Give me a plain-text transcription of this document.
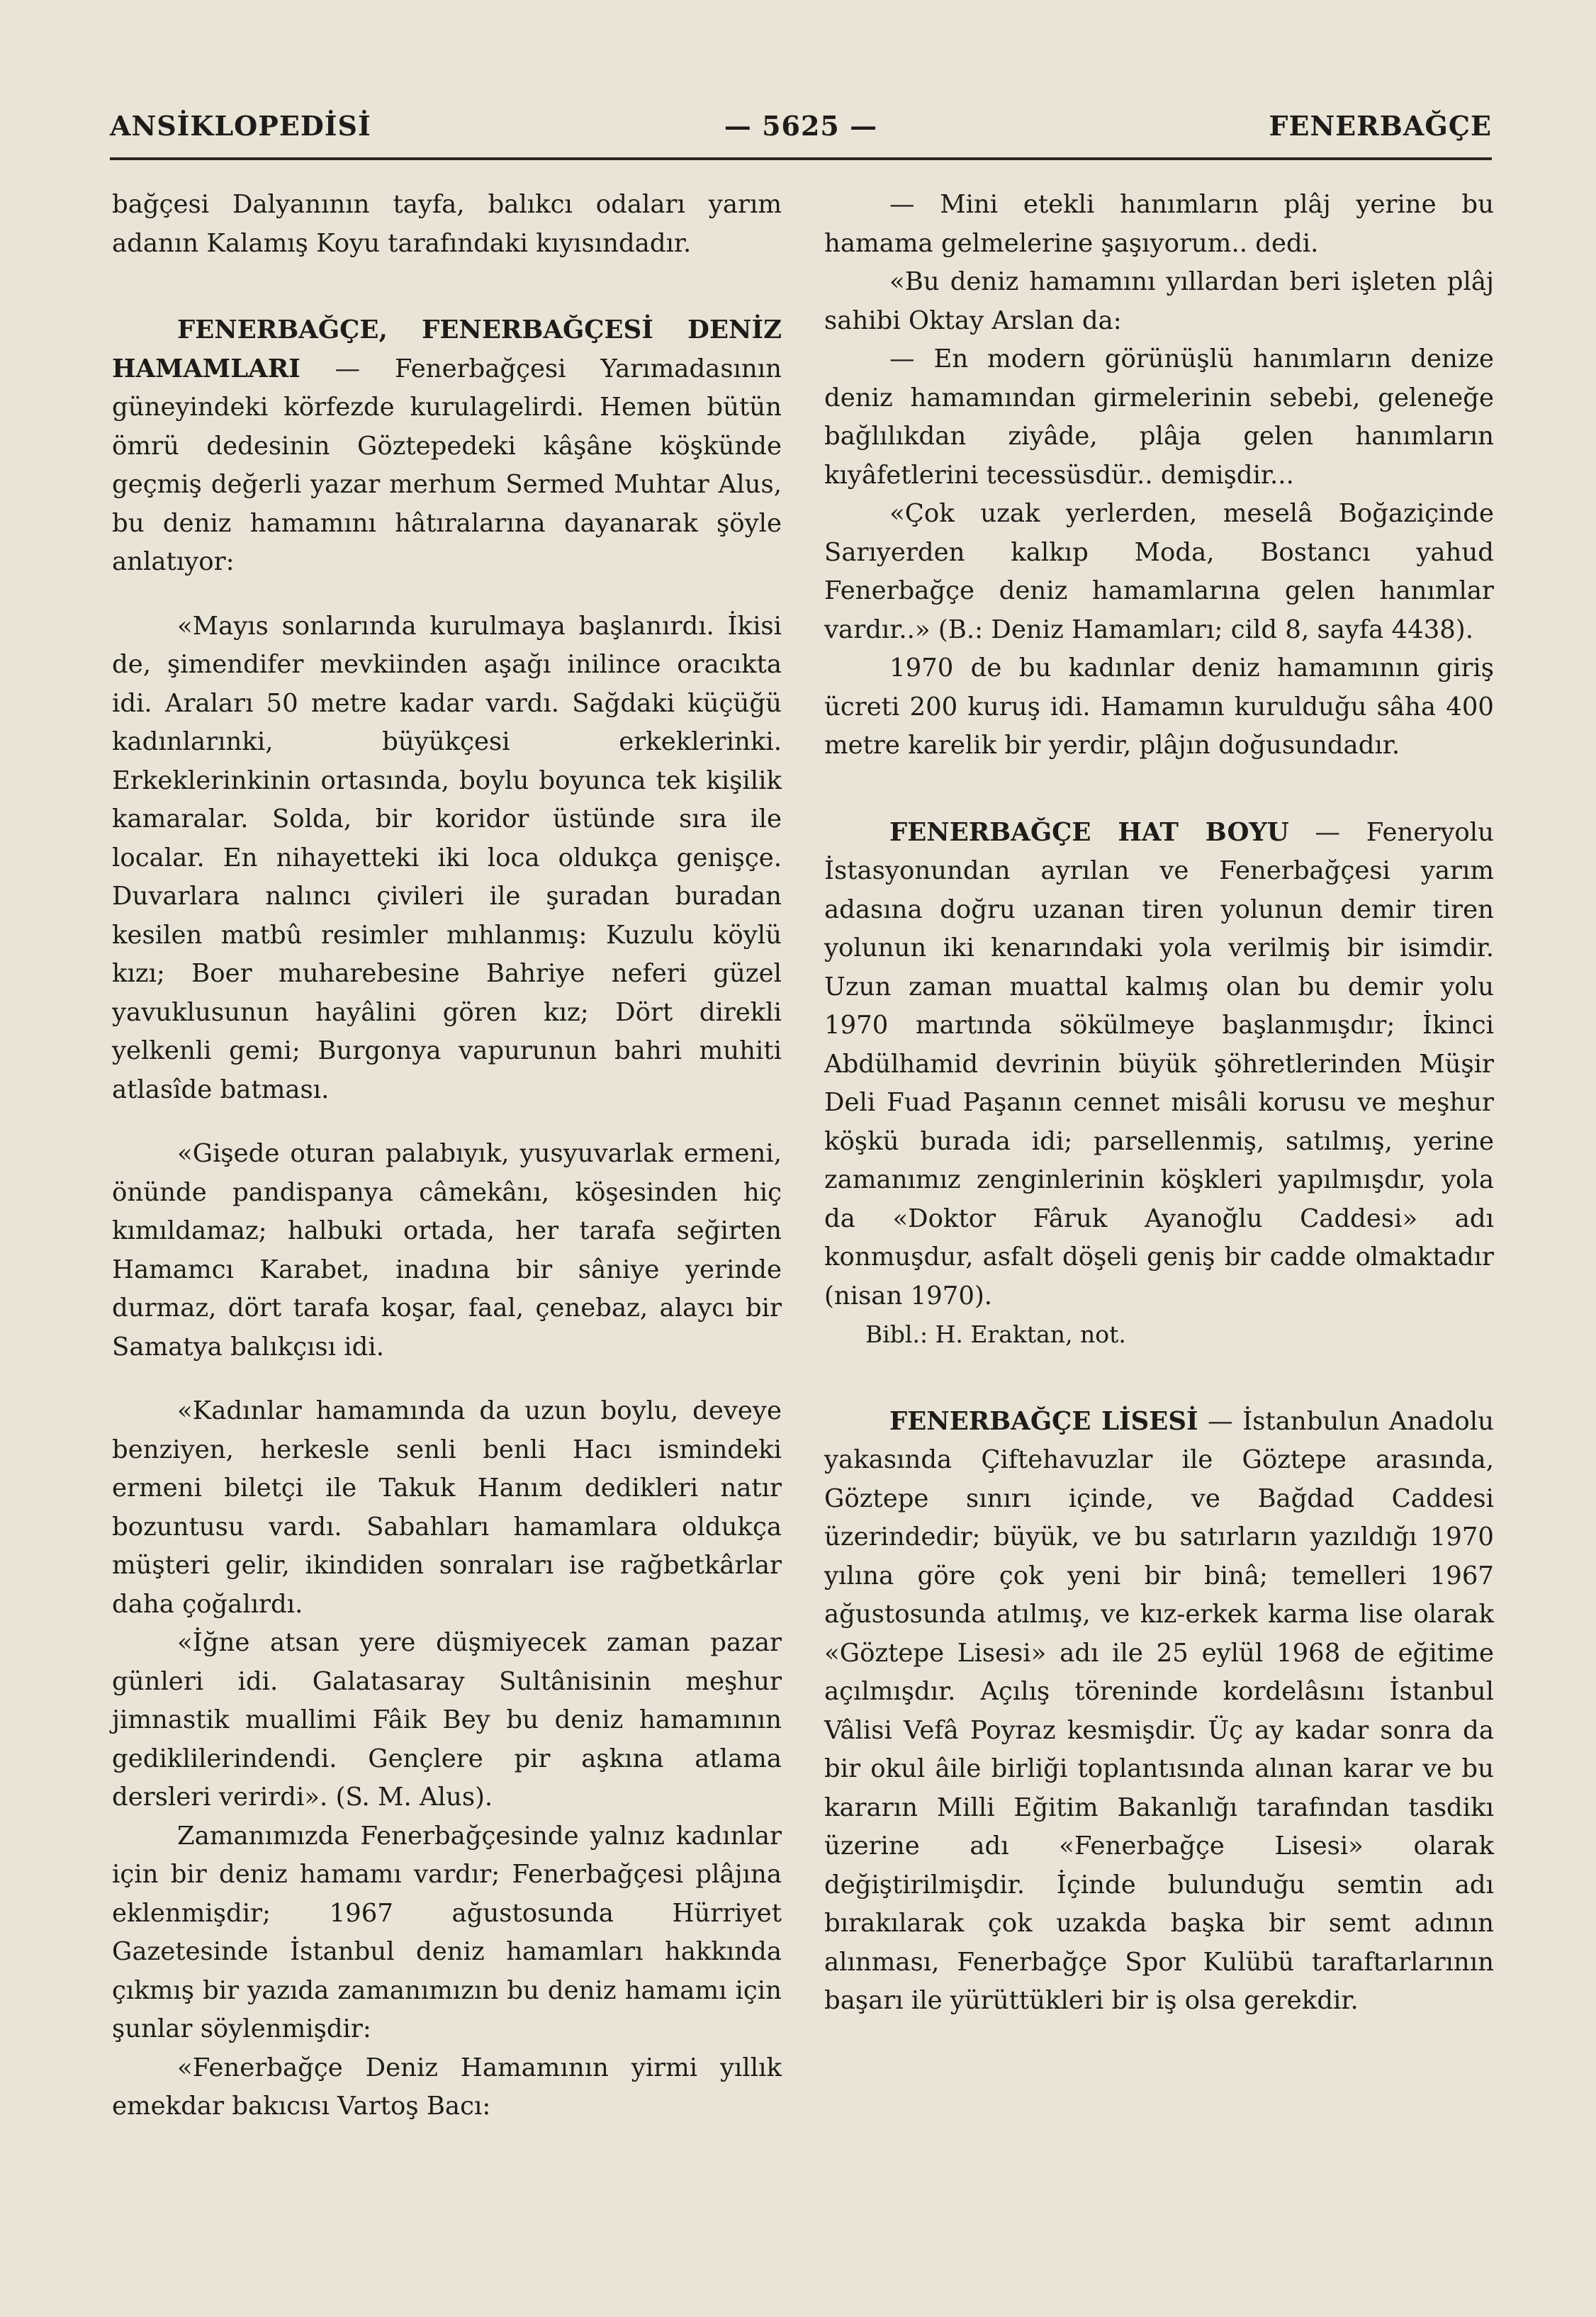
ANSİKLOPEDİSİ	— 5625 —	FENERBAĞÇE

bağçesi Dalyanının tayfa, balıkcı odaları yarım adanın Kalamış Koyu tarafındaki kıyısındadır.

FENERBAĞÇE, FENERBAĞÇESİ DENİZ HAMAMLARI — Fenerbağçesi Yarımadasının güneyindeki körfezde kurulagelirdi. Hemen bütün ömrü dedesinin Göztepedeki kâşâne köşkünde geçmiş değerli yazar merhum Sermed Muhtar Alus, bu deniz hamamını hâtıralarına dayanarak şöyle anlatıyor:

«Mayıs sonlarında kurulmaya başlanırdı. İkisi de, şimendifer mevkiinden aşağı inilince oracıkta idi. Araları 50 metre kadar vardı. Sağdaki küçüğü kadınlarınki, büyükçesi erkeklerinki. Erkeklerinkinin ortasında, boylu boyunca tek kişilik kamaralar. Solda, bir koridor üstünde sıra ile localar. En nihayetteki iki loca oldukça genişçe. Duvarlara nalıncı çivileri ile şuradan buradan kesilen matbû resimler mıhlanmış: Kuzulu köylü kızı; Boer muharebesine Bahriye neferi güzel yavuklusunun hayâlini gören kız; Dört direkli yelkenli gemi; Burgonya vapurunun bahri muhiti atlasîde batması.

«Gişede oturan palabıyık, yusyuvarlak ermeni, önünde pandispanya câmekânı, köşesinden hiç kımıldamaz; halbuki ortada, her tarafa seğirten Hamamcı Karabet, inadına bir sâniye yerinde durmaz, dört tarafa koşar, faal, çenebaz, alaycı bir Samatya balıkçısı idi.

«Kadınlar hamamında da uzun boylu, deveye benziyen, herkesle senli benli Hacı ismindeki ermeni biletçi ile Takuk Hanım dedikleri natır bozuntusu vardı. Sabahları hamamlara oldukça müşteri gelir, ikindiden sonraları ise rağbetkârlar daha çoğalırdı.

«İğne atsan yere düşmiyecek zaman pazar günleri idi. Galatasaray Sultânisinin meşhur jimnastik muallimi Fâik Bey bu deniz hamamının gediklilerindendi. Gençlere pir aşkına atlama dersleri verirdi». (S. M. Alus).

Zamanımızda Fenerbağçesinde yalnız kadınlar için bir deniz hamamı vardır; Fenerbağçesi plâjına eklenmişdir; 1967 ağustosunda Hürriyet Gazetesinde İstanbul deniz hamamları hakkında çıkmış bir yazıda zamanımızın bu deniz hamamı için şunlar söylenmişdir:

«Fenerbağçe Deniz Hamamının yirmi yıllık emekdar bakıcısı Vartoş Bacı:

— Mini etekli hanımların plâj yerine bu hamama gelmelerine şaşıyorum.. dedi.

«Bu deniz hamamını yıllardan beri işleten plâj sahibi Oktay Arslan da:

— En modern görünüşlü hanımların denize deniz hamamından girmelerinin sebebi, geleneğe bağlılıkdan ziyâde, plâja gelen hanımların kıyâfetlerini tecessüsdür.. demişdir...

«Çok uzak yerlerden, meselâ Boğaziçinde Sarıyerden kalkıp Moda, Bostancı yahud Fenerbağçe deniz hamamlarına gelen hanımlar vardır..» (B.: Deniz Hamamları; cild 8, sayfa 4438).

1970 de bu kadınlar deniz hamamının giriş ücreti 200 kuruş idi. Hamamın kurulduğu sâha 400 metre karelik bir yerdir, plâjın doğusundadır.

FENERBAĞÇE HAT BOYU — Feneryolu İstasyonundan ayrılan ve Fenerbağçesi yarım adasına doğru uzanan tiren yolunun demir tiren yolunun iki kenarındaki yola verilmiş bir isimdir. Uzun zaman muattal kalmış olan bu demir yolu 1970 martında sökülmeye başlanmışdır; İkinci Abdülhamid devrinin büyük şöhretlerinden Müşir Deli Fuad Paşanın cennet misâli korusu ve meşhur köşkü burada idi; parsellenmiş, satılmış, yerine zamanımız zenginlerinin köşkleri yapılmışdır, yola da «Doktor Fâruk Ayanoğlu Caddesi» adı konmuşdur, asfalt döşeli geniş bir cadde olmaktadır (nisan 1970).

Bibl.: H. Eraktan, not.

FENERBAĞÇE LİSESİ — İstanbulun Anadolu yakasında Çiftehavuzlar ile Göztepe arasında, Göztepe sınırı içinde, ve Bağdad Caddesi üzerindedir; büyük, ve bu satırların yazıldığı 1970 yılına göre çok yeni bir binâ; temelleri 1967 ağustosunda atılmış, ve kız-erkek karma lise olarak «Göztepe Lisesi» adı ile 25 eylül 1968 de eğitime açılmışdır. Açılış töreninde kordelâsını İstanbul Vâlisi Vefâ Poyraz kesmişdir. Üç ay kadar sonra da bir okul âile birliği toplantısında alınan karar ve bu kararın Milli Eğitim Bakanlığı tarafından tasdikı üzerine adı «Fenerbağçe Lisesi» olarak değiştirilmişdir. İçinde bulunduğu semtin adı bırakılarak çok uzakda başka bir semt adının alınması, Fenerbağçe Spor Kulübü taraftarlarının başarı ile yürüttükleri bir iş olsa gerekdir.
